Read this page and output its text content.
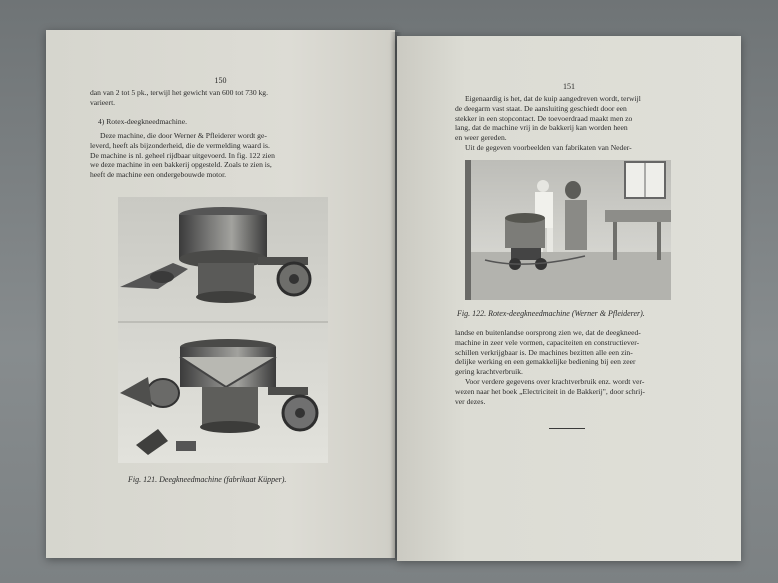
150

dan van 2 tot 5 pk., terwijl het gewicht van 600 tot 730 kg.

varieert.

4) Rotex-deegkneedmachine.

Deze machine, die door Werner & Pfleiderer wordt ge-

leverd, heeft als bijzonderheid, die de vermelding waard is.

De machine is nl. geheel rijdbaar uitgevoerd. In fig. 122 zien

we deze machine in een bakkerij opgesteld. Zoals te zien is,

heeft de machine een ondergebouwde motor.

Fig. 121. Deegkneedmachine (fabrikaat Küpper).
151

Eigenaardig is het, dat de kuip aangedreven wordt, terwijl

de deegarm vast staat. De aansluiting geschiedt door een

stekker in een stopcontact. De toevoerdraad maakt men zo

lang, dat de machine vrij in de bakkerij kan worden heen

en weer gereden.

Uit de gegeven voorbeelden van fabrikaten van Neder-

Fig. 122. Rotex-deegkneedmachine (Werner & Pfleiderer).

landse en buitenlandse oorsprong zien we, dat de deegkneed-

machine in zeer vele vormen, capaciteiten en constructiever-

schillen verkrijgbaar is. De machines bezitten alle een zin-

delijke werking en een gemakkelijke bediening bij een zeer

gering krachtverbruik.

Voor verdere gegevens over krachtverbruik enz. wordt ver-

wezen naar het boek „Electriciteit in de Bakkerij", door schrij-

ver dezes.
